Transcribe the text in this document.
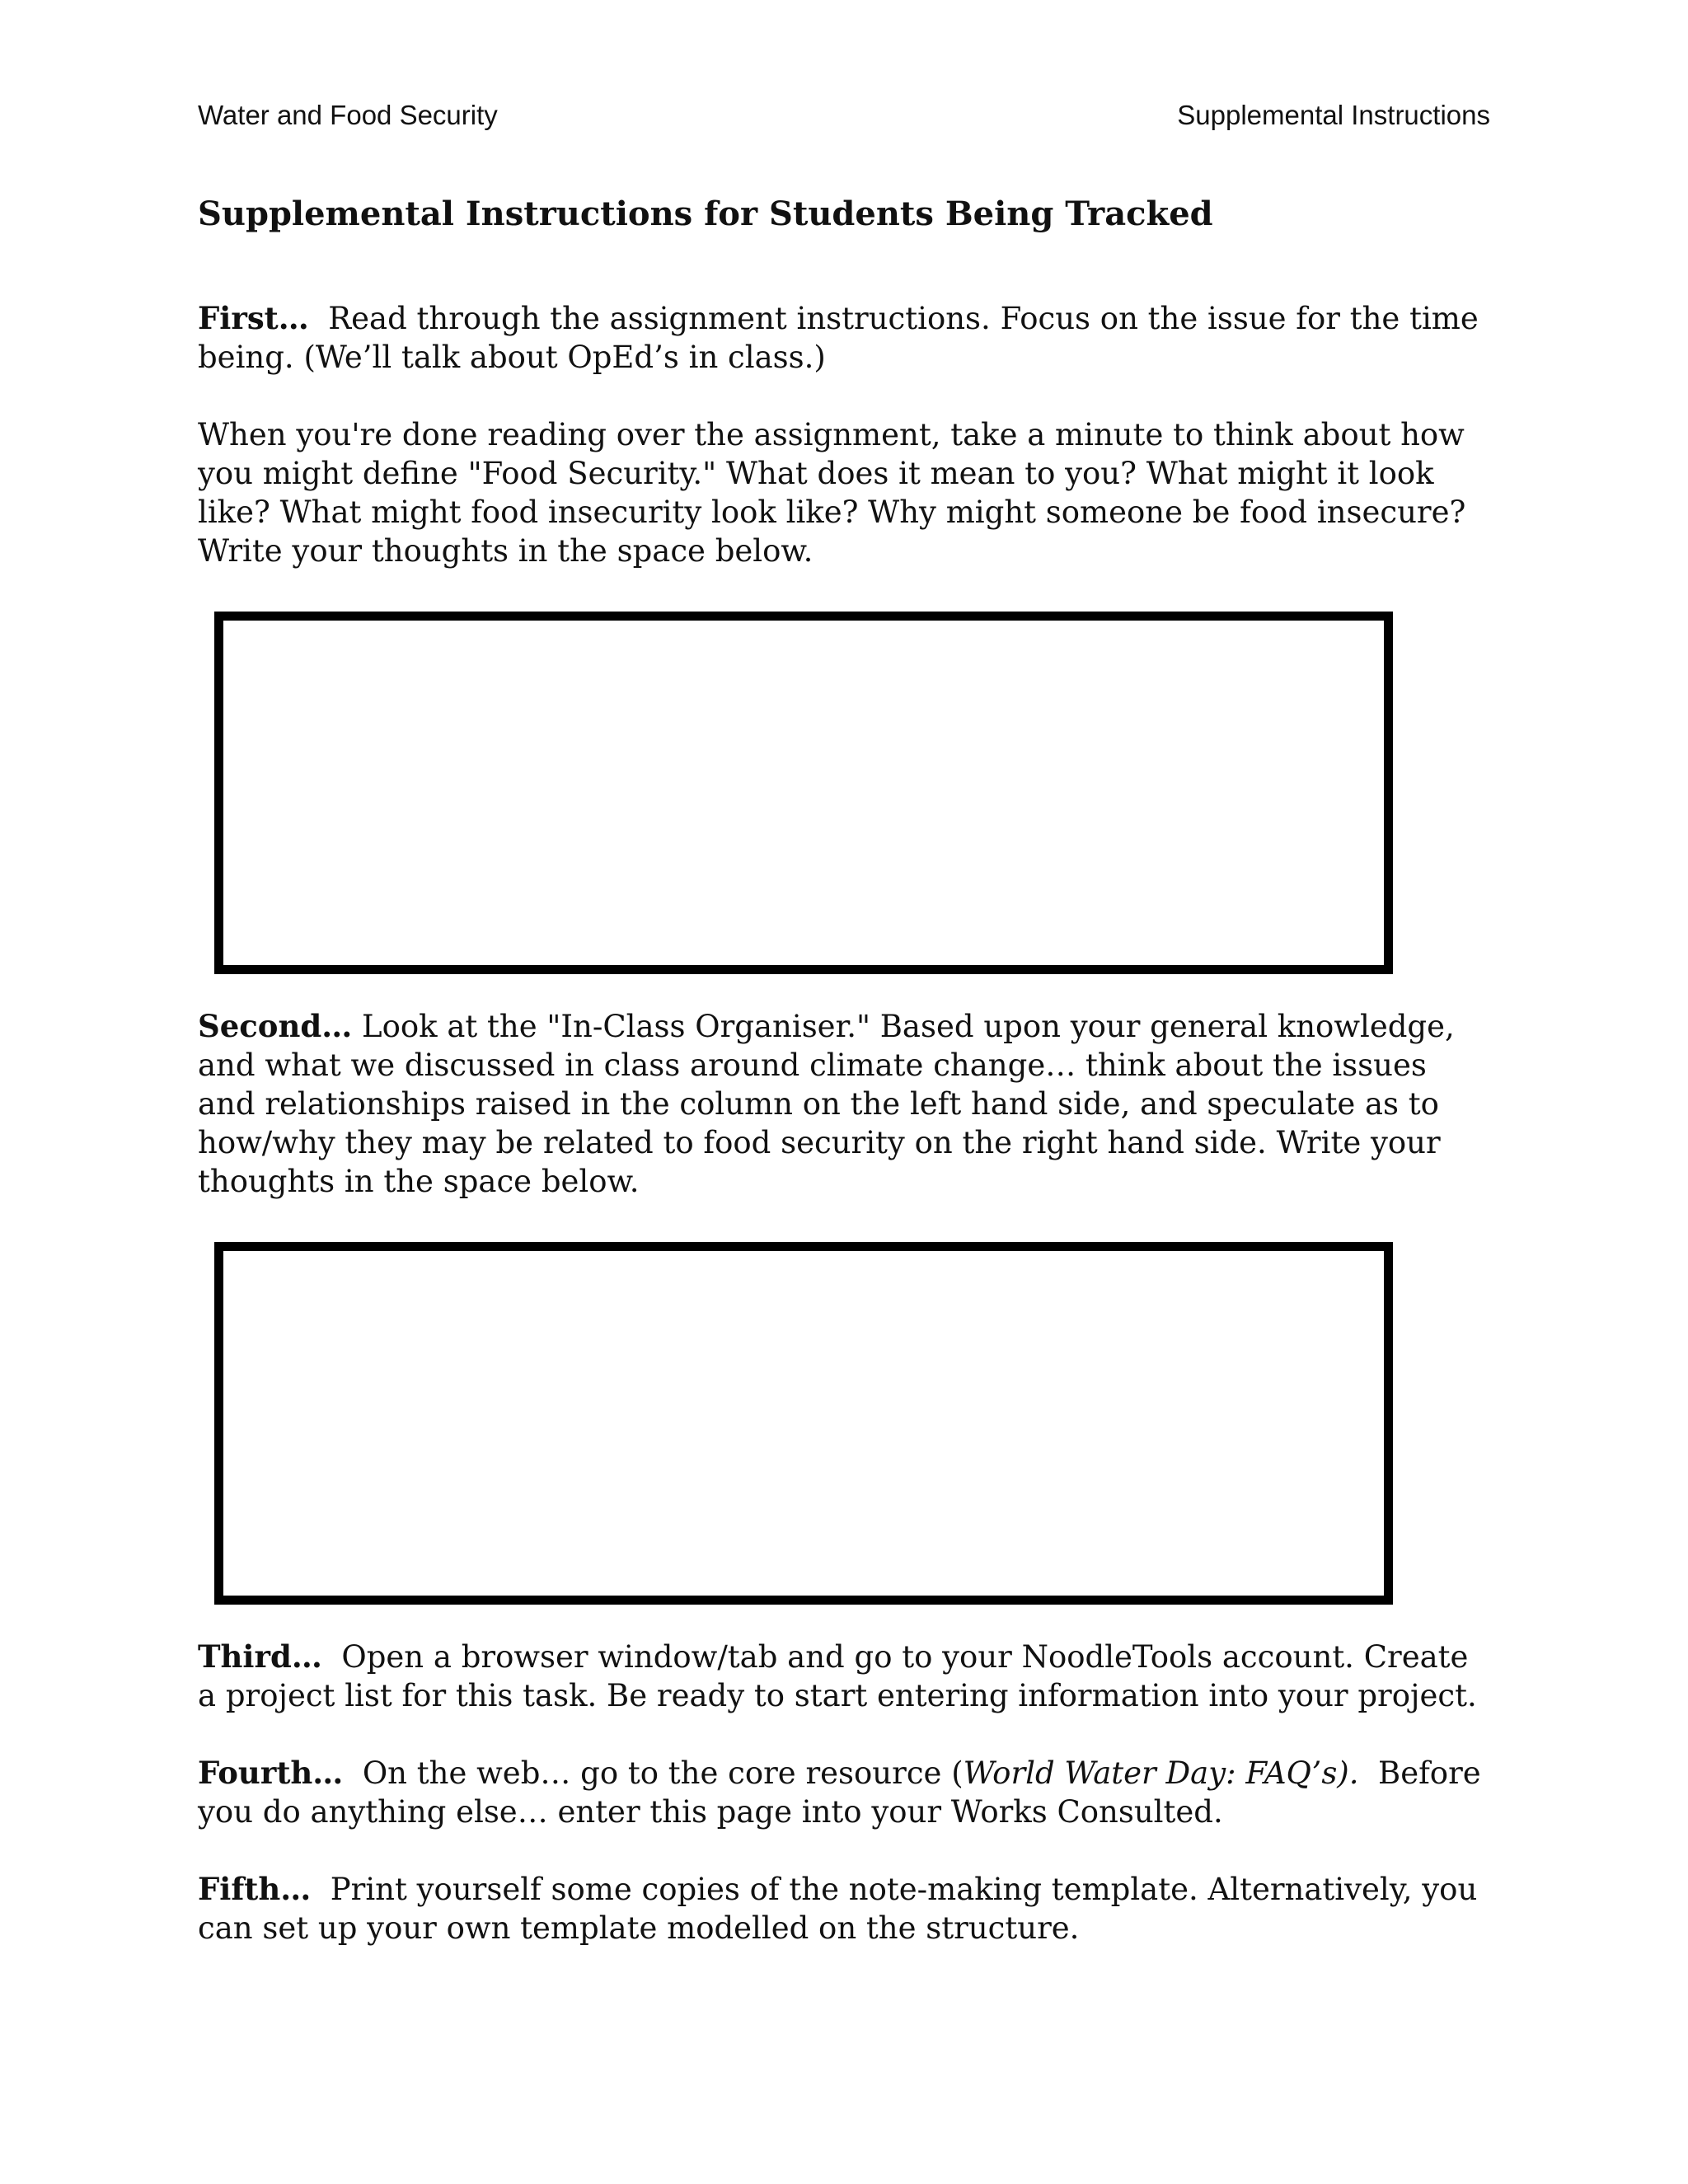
Water and Food Security	Supplemental Instructions
Supplemental Instructions for Students Being Tracked

First… Read through the assignment instructions. Focus on the issue for the time being. (We’ll talk about OpEd’s in class.)

When you're done reading over the assignment, take a minute to think about how you might define "Food Security." What does it mean to you? What might it look like? What might food insecurity look like? Why might someone be food insecure? Write your thoughts in the space below.

Second… Look at the "In-Class Organiser." Based upon your general knowledge, and what we discussed in class around climate change… think about the issues and relationships raised in the column on the left hand side, and speculate as to how/why they may be related to food security on the right hand side. Write your thoughts in the space below.

Third… Open a browser window/tab and go to your NoodleTools account. Create a project list for this task. Be ready to start entering information into your project.

Fourth… On the web… go to the core resource (World Water Day: FAQ’s). Before you do anything else… enter this page into your Works Consulted.

Fifth… Print yourself some copies of the note-making template. Alternatively, you can set up your own template modelled on the structure.
